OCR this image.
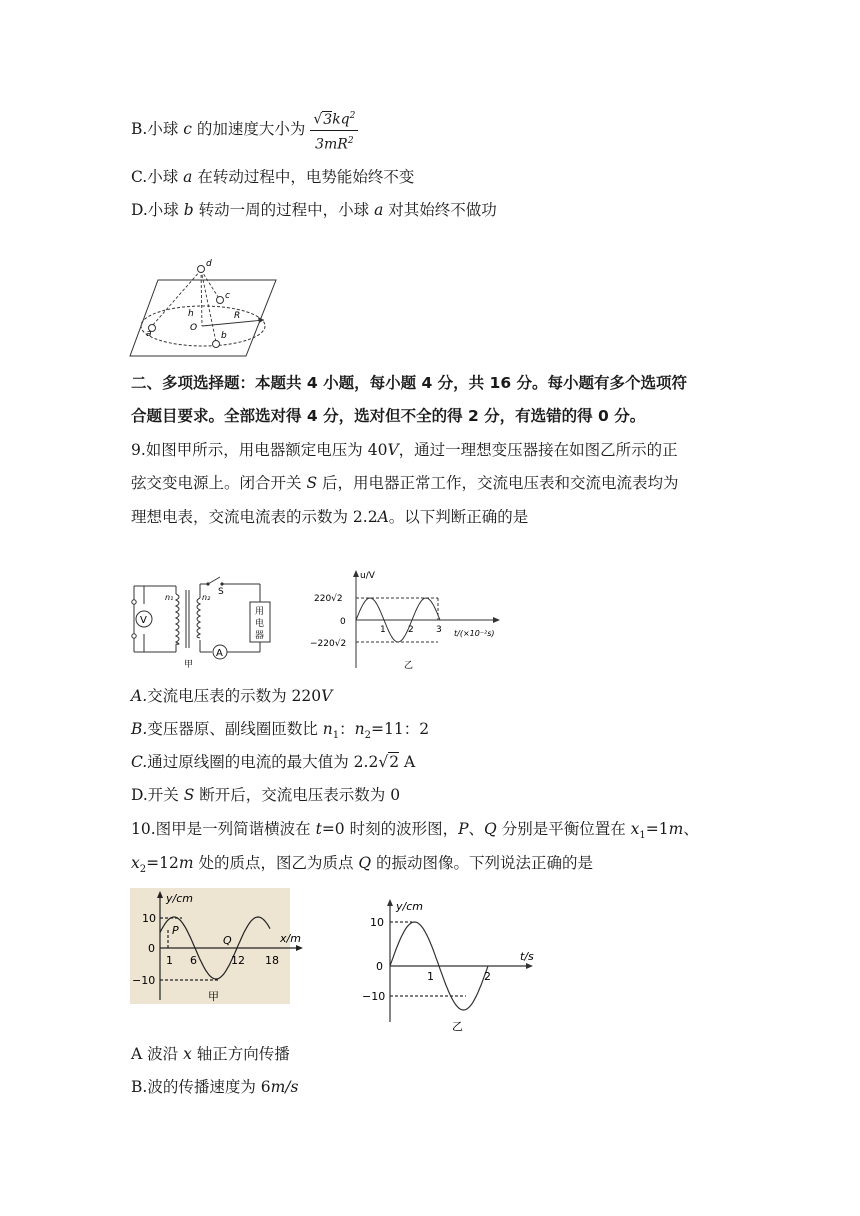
B.小球 c 的加速度大小为 $\frac{√3kq^2}{3mR^2}$
C.小球 a 在转动过程中，电势能始终不变
D.小球 b 转动一周的过程中，小球 a 对其始终不做功
d
c
h
O
R
a	b
二、多项选择题：本题共 4 小题，每小题 4 分，共 16 分。每小题有多个选项符
合题目要求。全部选对得 4 分，选对但不全的得 2 分，有选错的得 0 分。
9.如图甲所示，用电器额定电压为 40V，通过一理想变压器接在如图乙所示的正
弦交变电源上。闭合开关 S 后，用电器正常工作，交流电压表和交流电流表均为
理想电表，交流电流表的示数为 2.2A。以下判断正确的是
V
A
n₁	n₂
S
用
电
器
甲
u/V
220√2
0
−220√2
1 2 3 t/(×10⁻²s)
乙
A.交流电压表的示数为 220V
B.变压器原、副线圈匝数比 $n_1$：$n_2=11$：2
C.通过原线圈的电流的最大值为 2.2√2 A
D.开关 S 断开后，交流电压表示数为 0
10.图甲是一列简谐横波在 t=0 时刻的波形图，P、Q 分别是平衡位置在 $x_1=1m$、
$x_2=12m$ 处的质点，图乙为质点 Q 的振动图像。下列说法正确的是
y/cm
10
0
−10
P
Q
1 6	12 18
x/m
甲
y/cm
10
0
−10
1	2
t/s
乙
A 波沿 x 轴正方向传播
B.波的传播速度为 6m/s
